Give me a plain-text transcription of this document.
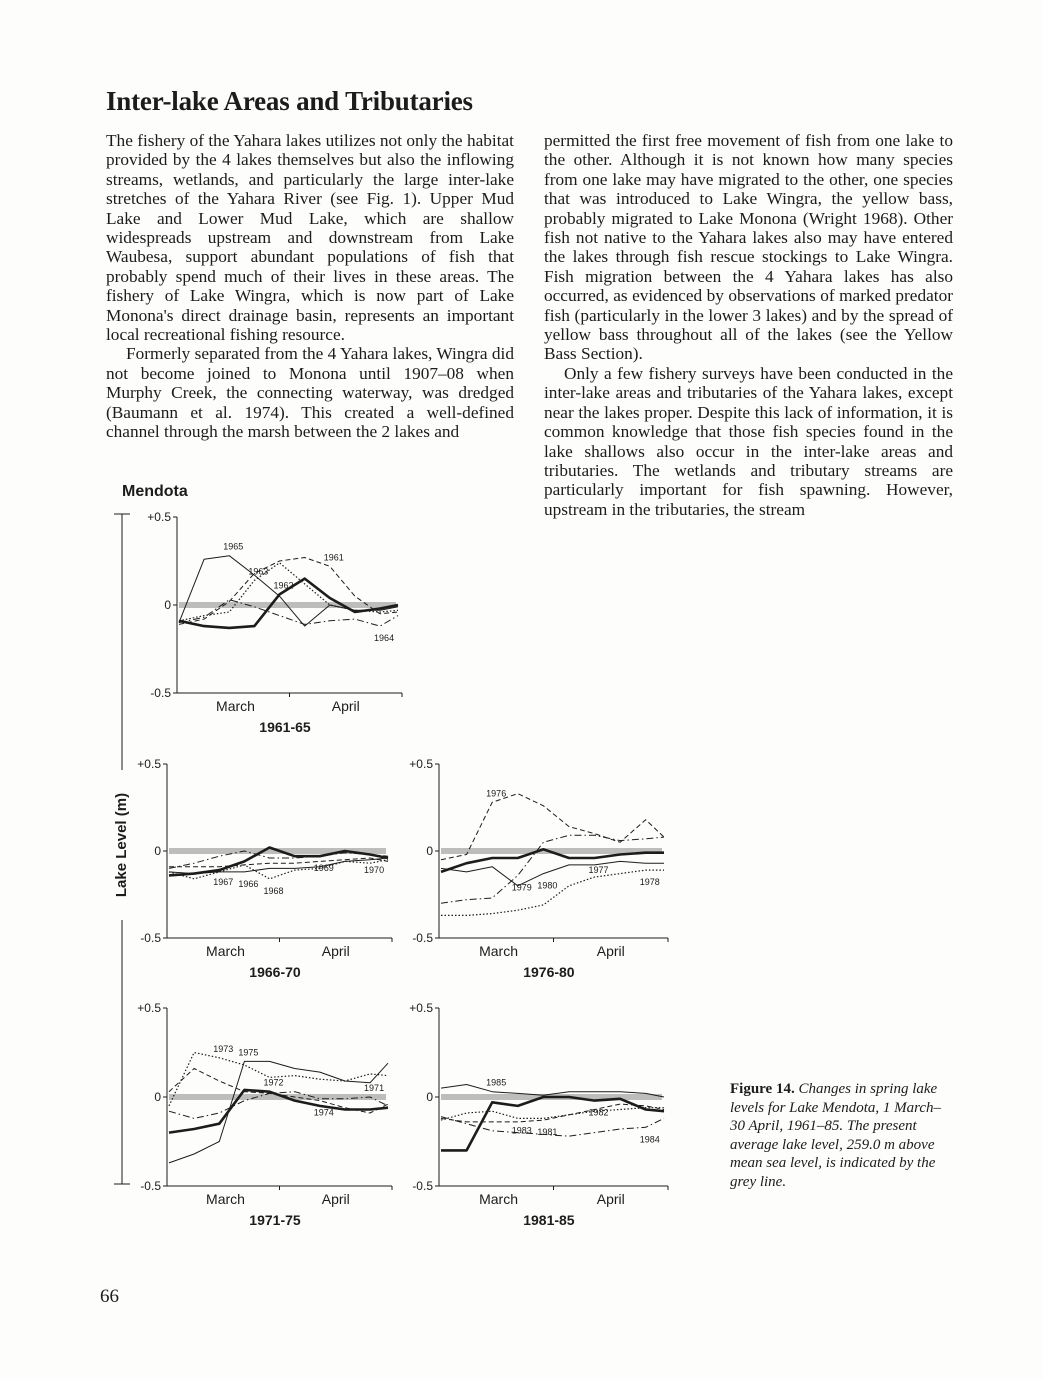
Inter-lake Areas and Tributaries

The fishery of the Yahara lakes utilizes not only the habitat provided by the 4 lakes themselves but also the inflowing streams, wetlands, and particularly the large inter-lake stretches of the Yahara River (see Fig. 1). Upper Mud Lake and Lower Mud Lake, which are shallow widespreads upstream and downstream from Lake Waubesa, support abundant populations of fish that probably spend much of their lives in these areas. The fishery of Lake Wingra, which is now part of Lake Monona's direct drainage basin, represents an important local recreational fishing resource.

Formerly separated from the 4 Yahara lakes, Wingra did not become joined to Monona until 1907–08 when Murphy Creek, the connecting waterway, was dredged (Baumann et al. 1974). This created a well-defined channel through the marsh between the 2 lakes and

permitted the first free movement of fish from one lake to the other. Although it is not known how many species from one lake may have migrated to the other, one species that was introduced to Lake Wingra, the yellow bass, probably migrated to Lake Monona (Wright 1968). Other fish not native to the Yahara lakes also may have entered the lakes through fish rescue stockings to Lake Wingra. Fish migration between the 4 Yahara lakes has also occurred, as evidenced by observations of marked predator fish (particularly in the lower 3 lakes) and by the spread of yellow bass throughout all of the lakes (see the Yellow Bass Section).

Only a few fishery surveys have been conducted in the inter-lake areas and tributaries of the Yahara lakes, except near the lakes proper. Despite this lack of information, it is common knowledge that those fish species found in the lake shallows also occur in the inter-lake areas and tributaries. The wetlands and tributary streams are particularly important for fish spawning. However, upstream in the tributaries, the stream

Mendota
Lake Level (m)
+0.5
0
-0.5
March	April
1961-65
1965
1961
1963
1962
1964
+0.5
0
-0.5
March	April
1966-70
1967
1969
1966
1968
1970
+0.5
0
-0.5
March	April
1976-80
1976
1977
1979 1980	1978
+0.5
0
-0.5
March	April
1971-75
1973
1974
1975
1972
1971
+0.5
0
-0.5
March	April
1981-85
1985
1982
1983 1981
1984
Figure 14. Changes in spring lake levels for Lake Mendota, 1 March–30 April, 1961–85. The present average lake level, 259.0 m above mean sea level, is indicated by the grey line.
66
